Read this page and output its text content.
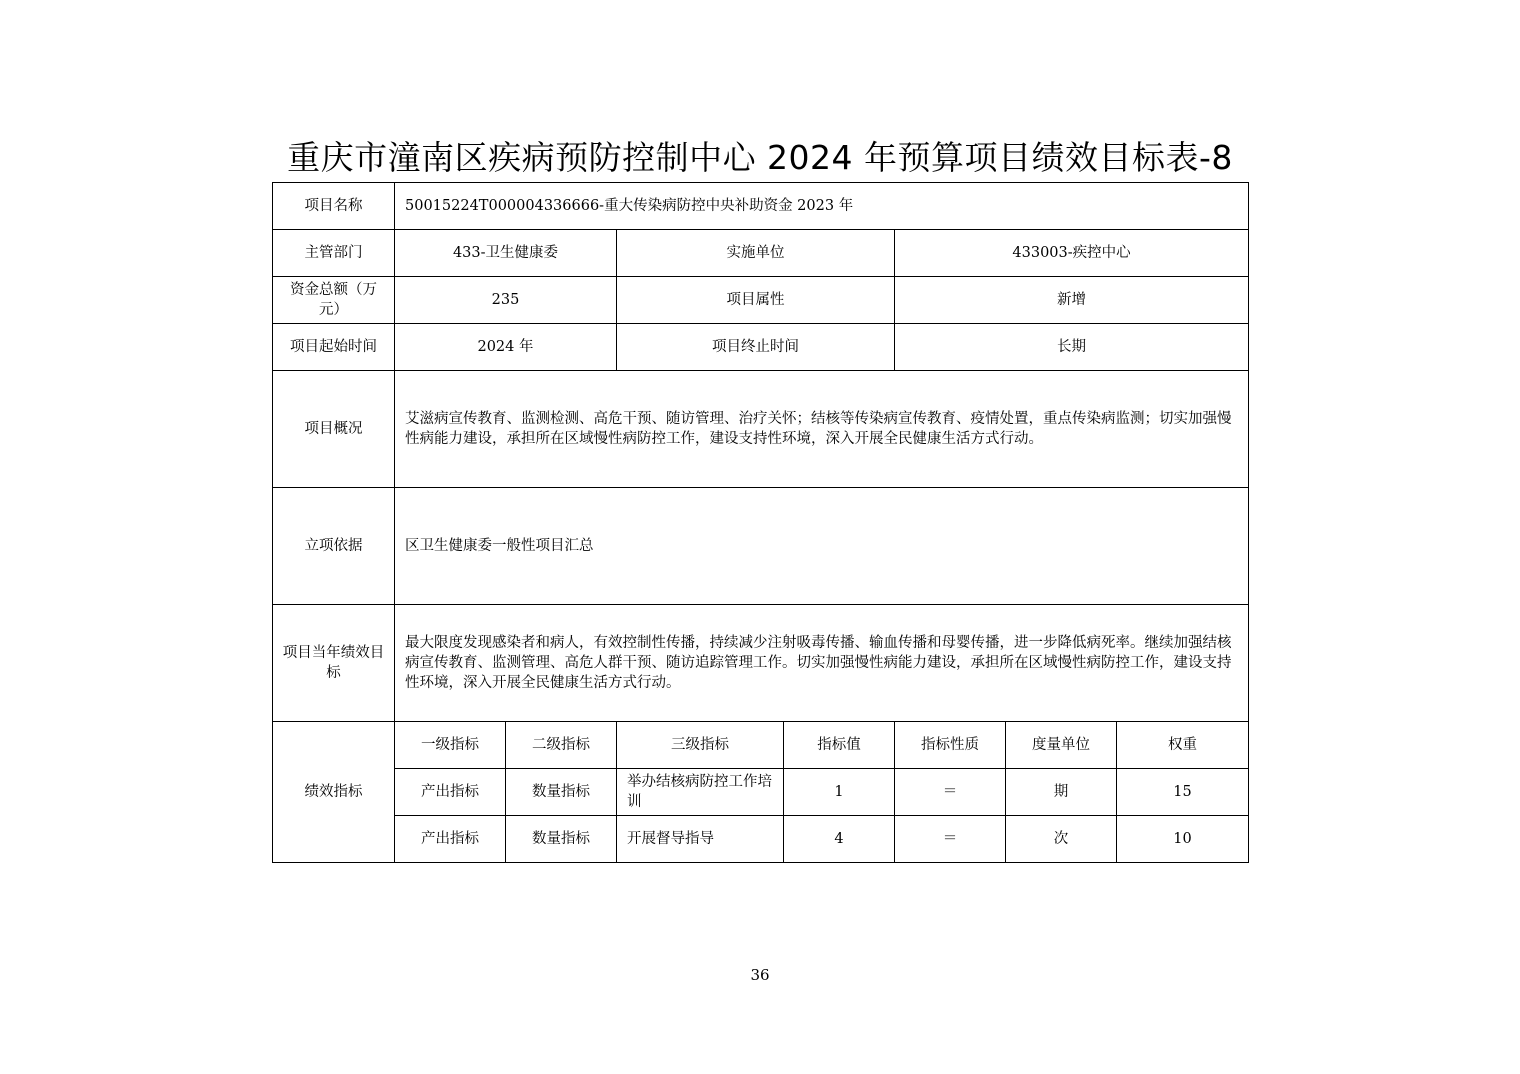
重庆市潼南区疾病预防控制中心 2024 年预算项目绩效目标表-8
项目名称	50015224T000004336666-重大传染病防控中央补助资金 2023 年						
主管部门	433-卫生健康委		实施单位		433003-疾控中心		
资金总额（万元）	235		项目属性		新增		
项目起始时间	2024 年		项目终止时间		长期		
项目概况	艾滋病宣传教育、监测检测、高危干预、随访管理、治疗关怀；结核等传染病宣传教育、疫情处置，重点传染病监测；切实加强慢性病能力建设，承担所在区域慢性病防控工作，建设支持性环境，深入开展全民健康生活方式行动。						
立项依据	区卫生健康委一般性项目汇总						
项目当年绩效目标	最大限度发现感染者和病人，有效控制性传播，持续减少注射吸毒传播、输血传播和母婴传播，进一步降低病死率。继续加强结核病宣传教育、监测管理、高危人群干预、随访追踪管理工作。切实加强慢性病能力建设，承担所在区域慢性病防控工作，建设支持性环境，深入开展全民健康生活方式行动。						
绩效指标	一级指标	二级指标	三级指标	指标值	指标性质	度量单位	权重
	产出指标	数量指标	举办结核病防控工作培训	1	＝	期	15
	产出指标	数量指标	开展督导指导	4	＝	次	10
36
